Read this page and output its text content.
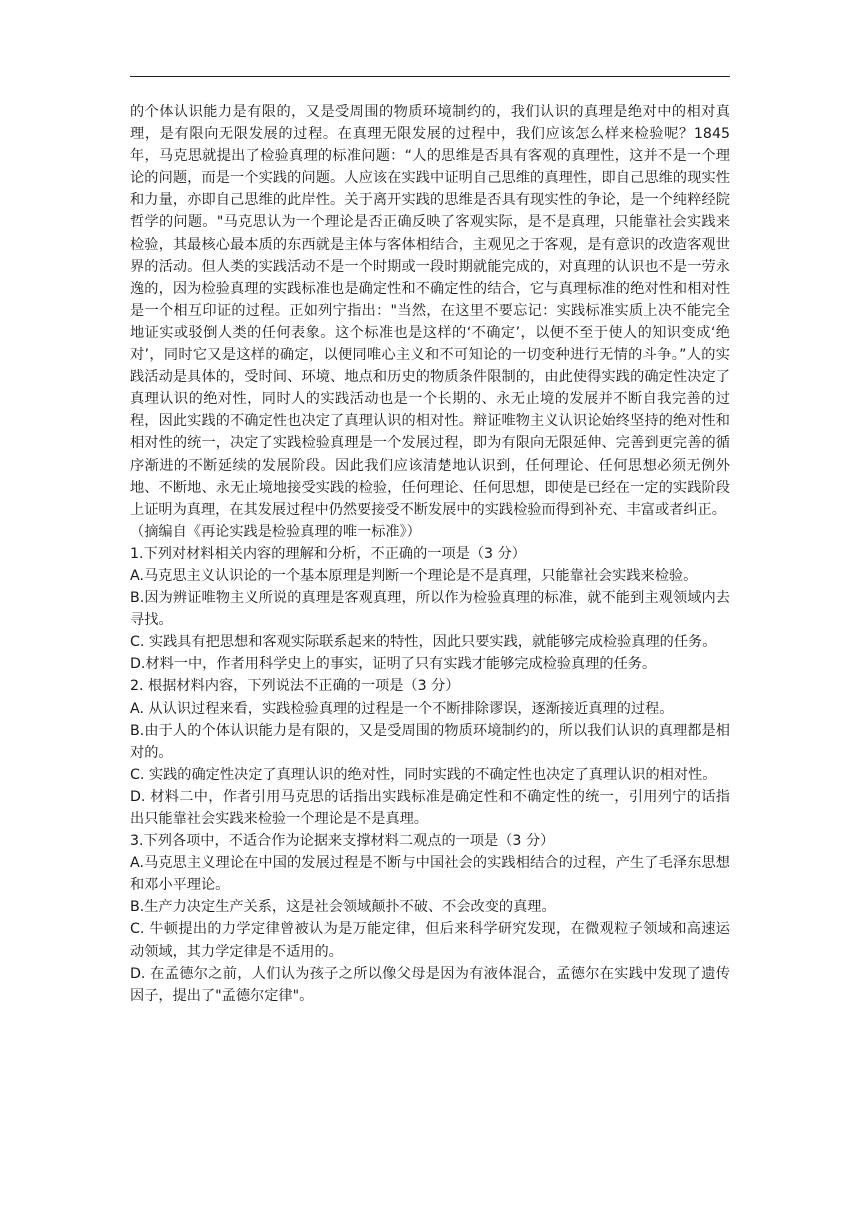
的个体认识能力是有限的，又是受周围的物质环境制约的，我们认识的真理是绝对中的相对真理，是有限向无限发展的过程。在真理无限发展的过程中，我们应该怎么样来检验呢？1845年，马克思就提出了检验真理的标准问题：“人的思维是否具有客观的真理性，这并不是一个理论的问题，而是一个实践的问题。人应该在实践中证明自己思维的真理性，即自己思维的现实性和力量，亦即自己思维的此岸性。关于离开实践的思维是否具有现实性的争论，是一个纯粹经院哲学的问题。"马克思认为一个理论是否正确反映了客观实际，是不是真理，只能靠社会实践来检验，其最核心最本质的东西就是主体与客体相结合，主观见之于客观，是有意识的改造客观世界的活动。但人类的实践活动不是一个时期或一段时期就能完成的，对真理的认识也不是一劳永逸的，因为检验真理的实践标准也是确定性和不确定性的结合，它与真理标准的绝对性和相对性是一个相互印证的过程。正如列宁指出："当然，在这里不要忘记：实践标准实质上决不能完全地证实或驳倒人类的任何表象。这个标准也是这样的‘不确定’，以便不至于使人的知识变成‘绝对’，同时它又是这样的确定，以便同唯心主义和不可知论的一切变种进行无情的斗争。”人的实践活动是具体的，受时间、环境、地点和历史的物质条件限制的，由此使得实践的确定性决定了真理认识的绝对性，同时人的实践活动也是一个长期的、永无止境的发展并不断自我完善的过程，因此实践的不确定性也决定了真理认识的相对性。辩证唯物主义认识论始终坚持的绝对性和相对性的统一，决定了实践检验真理是一个发展过程，即为有限向无限延伸、完善到更完善的循序渐进的不断延续的发展阶段。因此我们应该清楚地认识到，任何理论、任何思想必须无例外地、不断地、永无止境地接受实践的检验，任何理论、任何思想，即使是已经在一定的实践阶段上证明为真理，在其发展过程中仍然要接受不断发展中的实践检验而得到补充、丰富或者纠正。

（摘编自《再论实践是检验真理的唯一标准》）

1.下列对材料相关内容的理解和分析，不正确的一项是（3 分）

A.马克思主义认识论的一个基本原理是判断一个理论是不是真理，只能靠社会实践来检验。

B.因为辨证唯物主义所说的真理是客观真理，所以作为检验真理的标准，就不能到主观领域内去寻找。

C. 实践具有把思想和客观实际联系起来的特性，因此只要实践，就能够完成检验真理的任务。

D.材料一中，作者用科学史上的事实，证明了只有实践才能够完成检验真理的任务。

2. 根据材料内容，下列说法不正确的一项是（3 分）

A. 从认识过程来看，实践检验真理的过程是一个不断排除谬误，逐渐接近真理的过程。

B.由于人的个体认识能力是有限的，又是受周围的物质环境制约的，所以我们认识的真理都是相对的。

C. 实践的确定性决定了真理认识的绝对性，同时实践的不确定性也决定了真理认识的相对性。

D. 材料二中，作者引用马克思的话指出实践标准是确定性和不确定性的统一，引用列宁的话指出只能靠社会实践来检验一个理论是不是真理。

3.下列各项中，不适合作为论据来支撑材料二观点的一项是（3 分）

A.马克思主义理论在中国的发展过程是不断与中国社会的实践相结合的过程，产生了毛泽东思想和邓小平理论。

B.生产力决定生产关系，这是社会领域颠扑不破、不会改变的真理。

C. 牛顿提出的力学定律曾被认为是万能定律，但后来科学研究发现，在微观粒子领域和高速运动领域，其力学定律是不适用的。

D. 在孟德尔之前，人们认为孩子之所以像父母是因为有液体混合，孟德尔在实践中发现了遗传因子，提出了"孟德尔定律"。
